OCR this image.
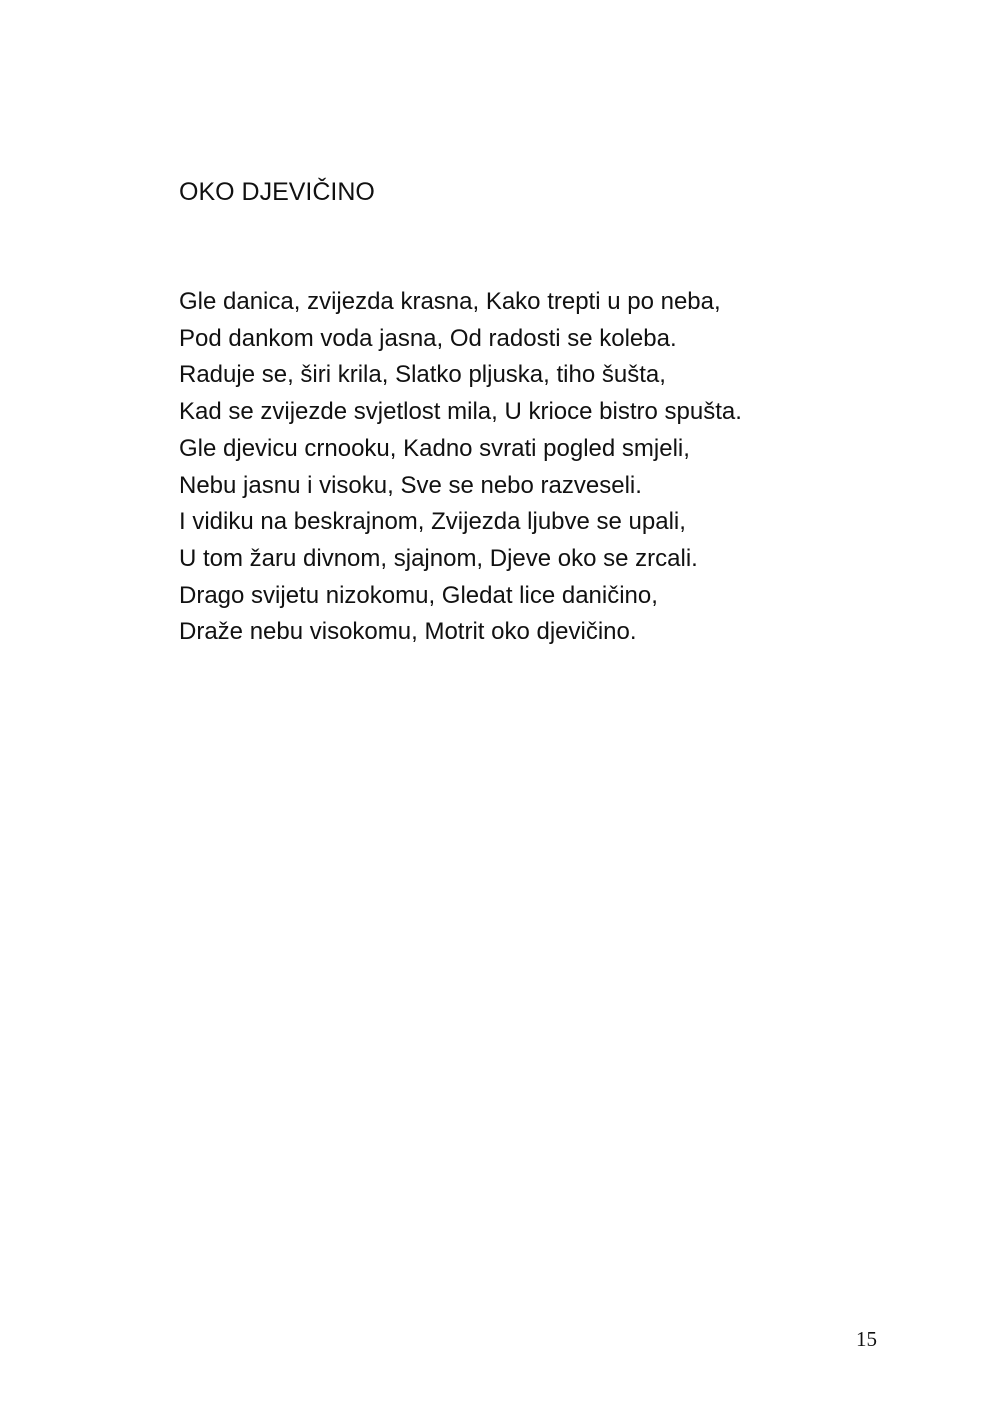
OKO DJEVIČINO
Gle danica, zvijezda krasna, Kako trepti u po neba,
Pod dankom voda jasna, Od radosti se koleba.
Raduje se, širi krila, Slatko pljuska, tiho šušta,
Kad se zvijezde svjetlost mila, U krioce bistro spušta.
Gle djevicu crnooku, Kadno svrati pogled smjeli,
Nebu jasnu i visoku, Sve se nebo razveseli.
I vidiku na beskrajnom, Zvijezda ljubve se upali,
U tom žaru divnom, sjajnom, Djeve oko se zrcali.
Drago svijetu nizokomu, Gledat lice daničino,
Draže nebu visokomu, Motrit oko djevičino.

15
